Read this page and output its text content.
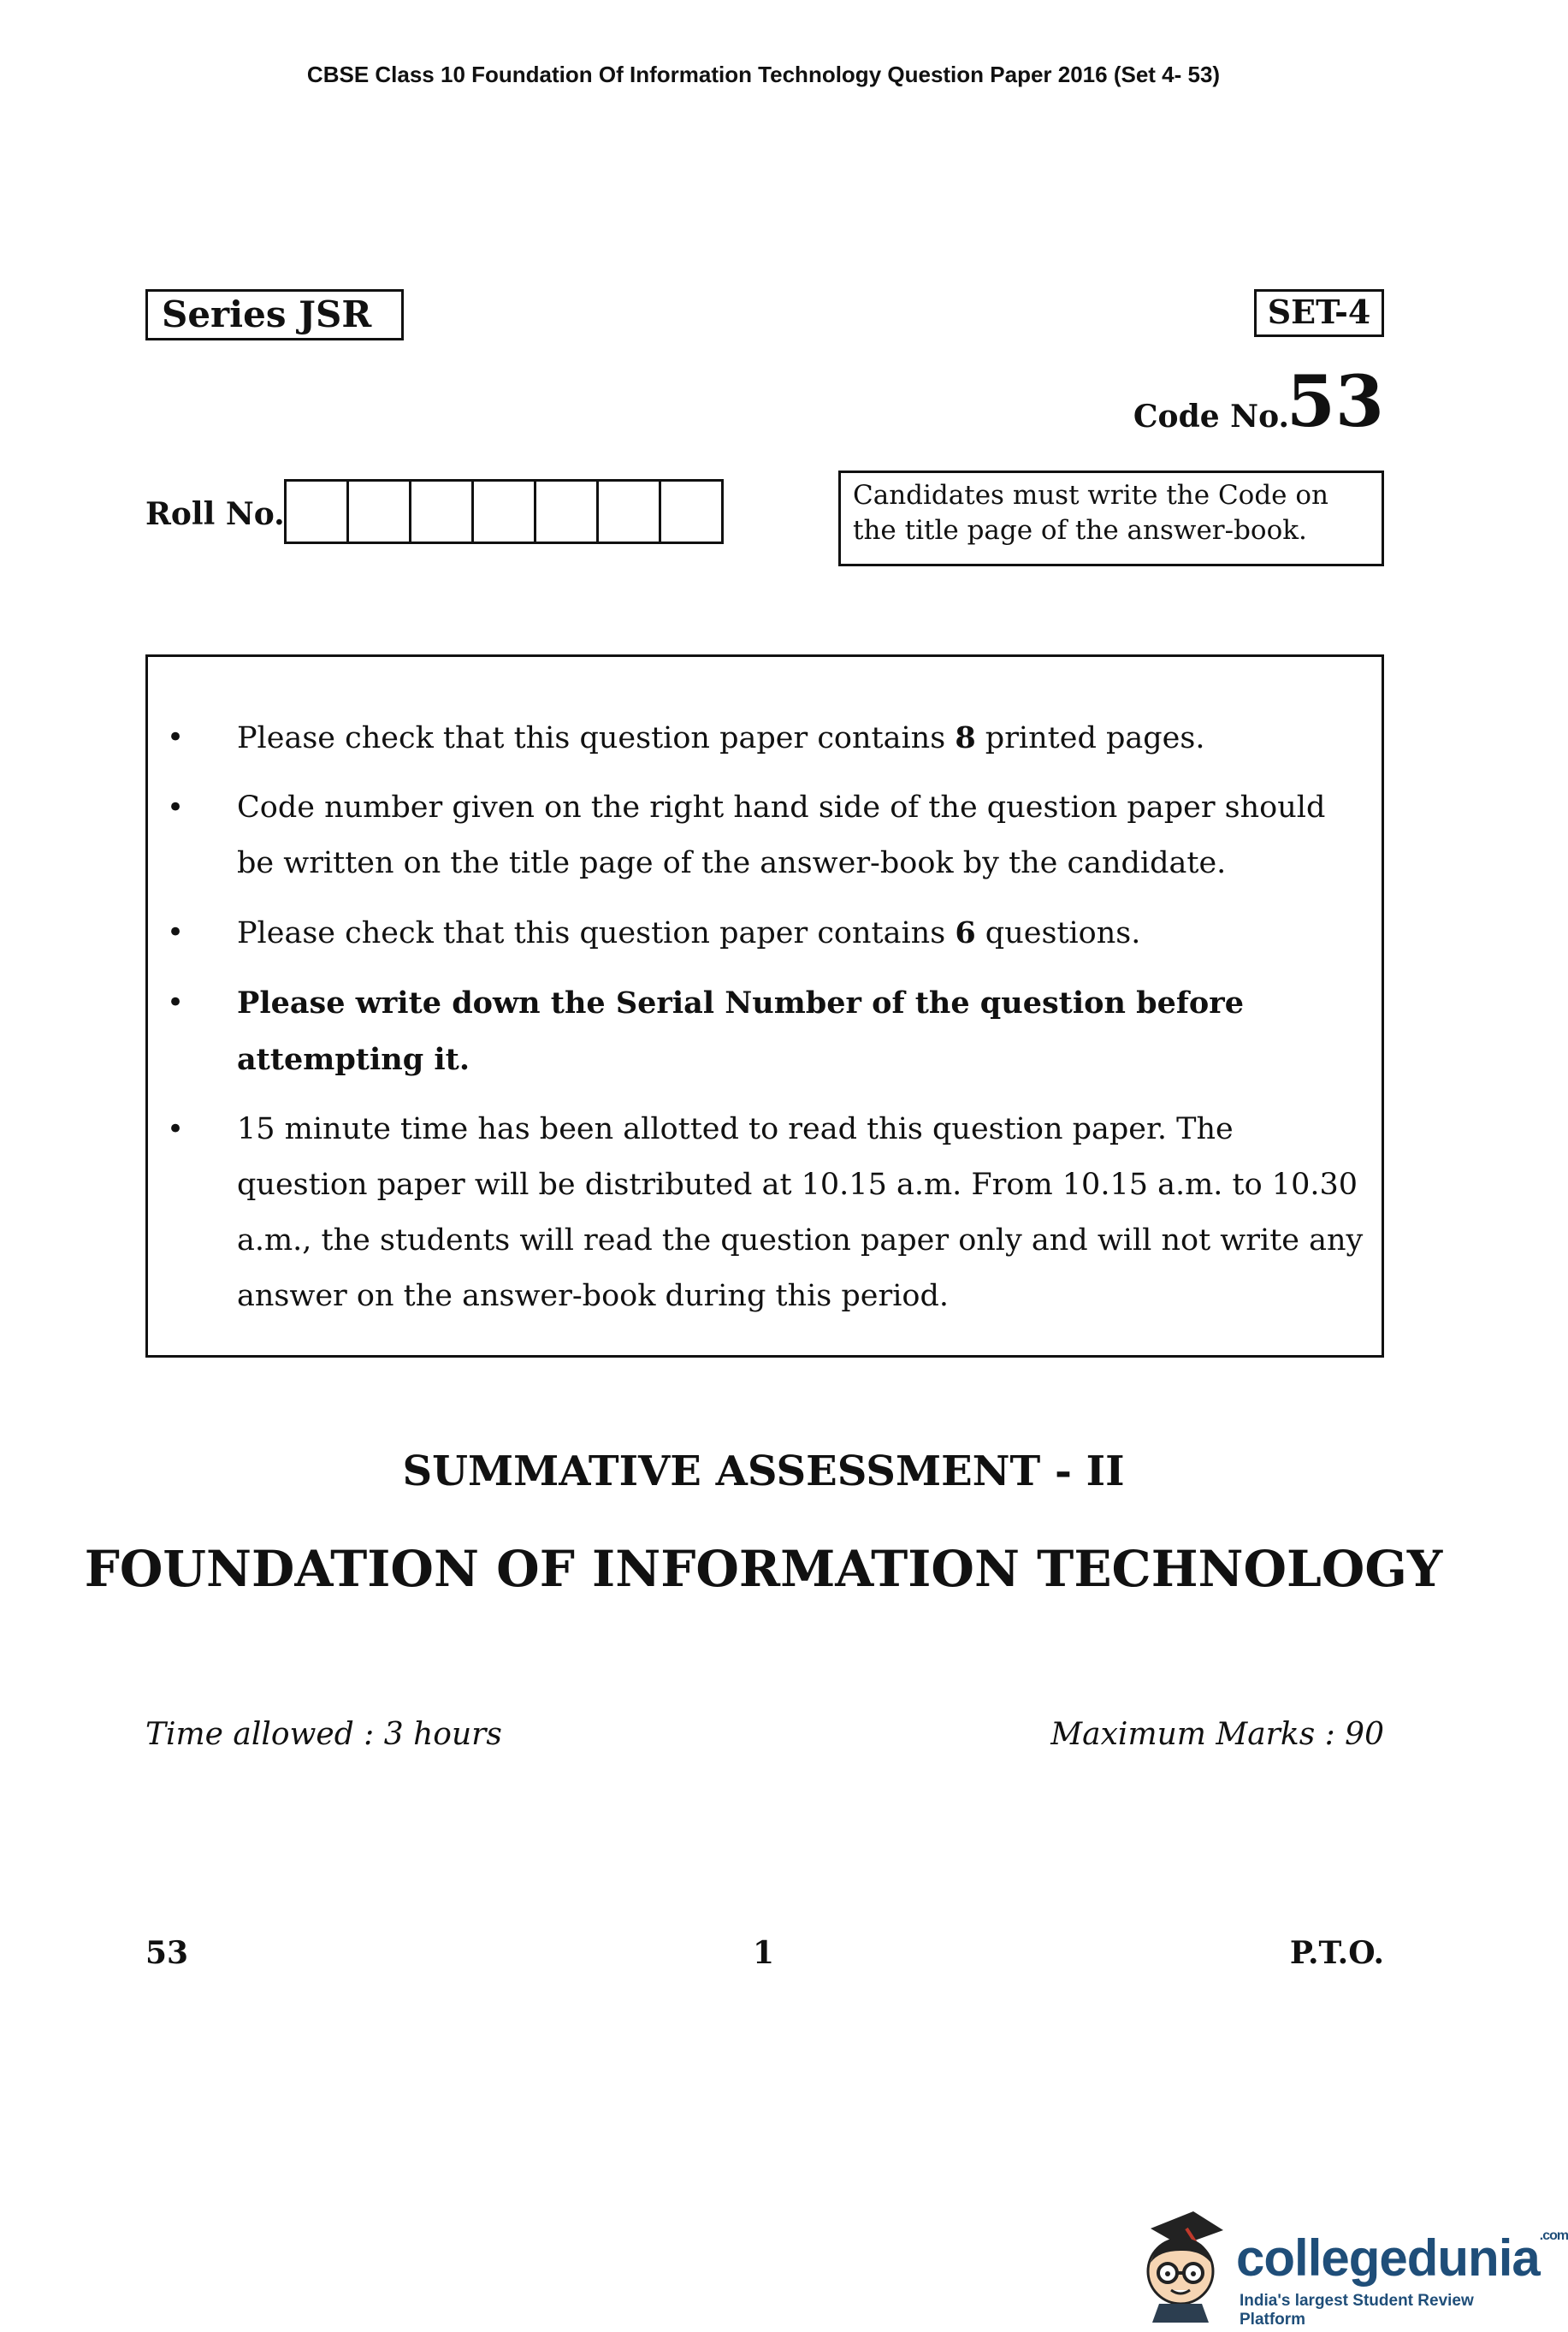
CBSE Class 10 Foundation Of Information Technology Question Paper 2016 (Set 4- 53)
Series JSR	SET-4
Code No.
53
Roll No.
Candidates must write the Code on the title page of the answer-book.
• Please check that this question paper contains 8 printed pages.
• Code number given on the right hand side of the question paper should be written on the title page of the answer-book by the candidate.
• Please check that this question paper contains 6 questions.
• Please write down the Serial Number of the question before attempting it.
• 15 minute time has been allotted to read this question paper. The question paper will be distributed at 10.15 a.m. From 10.15 a.m. to 10.30 a.m., the students will read the question paper only and will not write any answer on the answer-book during this period.
SUMMATIVE ASSESSMENT - II
FOUNDATION OF INFORMATION TECHNOLOGY
Time allowed : 3 hours	Maximum Marks : 90
53	1	P.T.O.
collegedunia$^{.com}$
India's largest Student Review Platform
